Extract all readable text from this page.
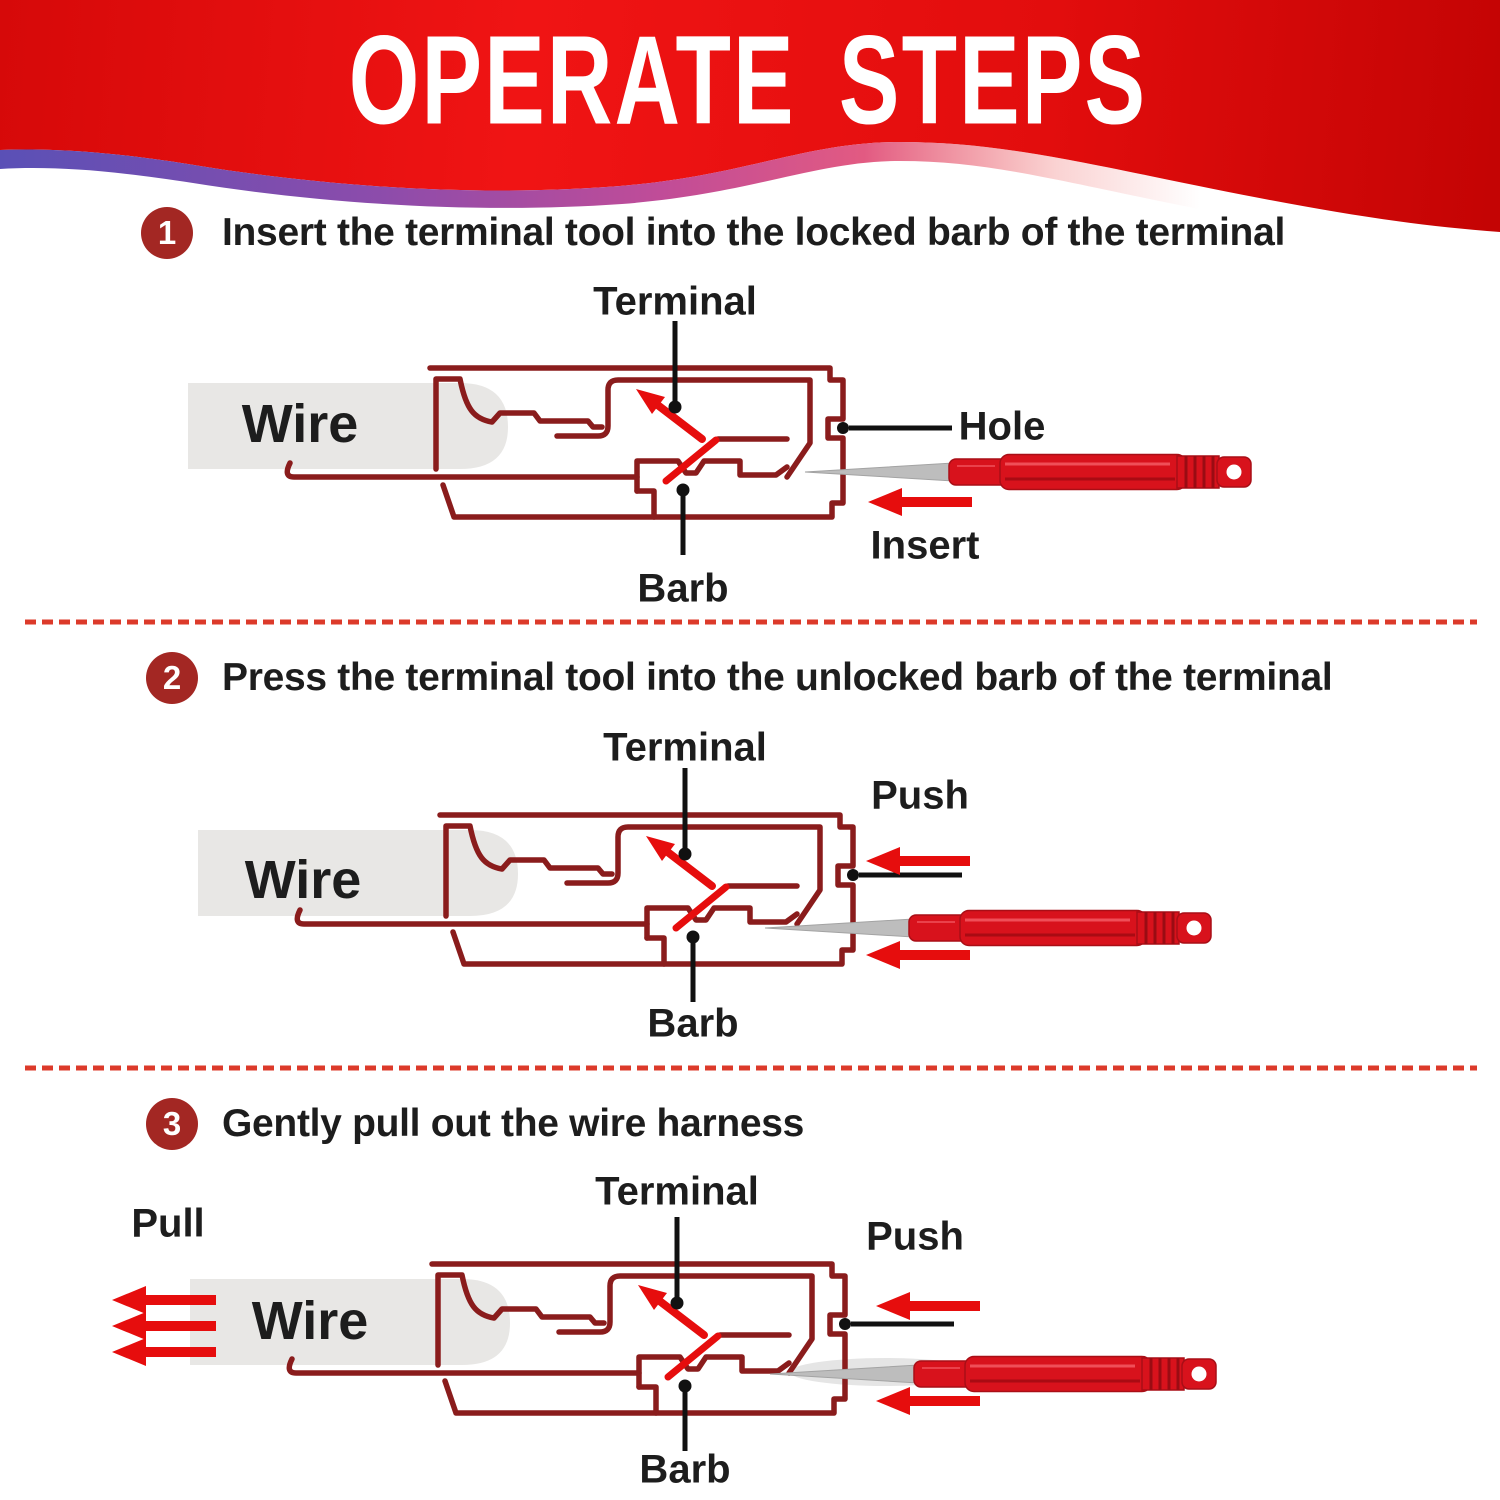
OPERATE STEPS
1 Insert the terminal tool into the locked barb of the terminal
Terminal
Wire	Hole
Insert
Barb
2 Press the terminal tool into the unlocked barb of the terminal
Terminal
Push
Wire
Barb
3 Gently pull out the wire harness
Pull
Terminal
Push
Wire
Barb
